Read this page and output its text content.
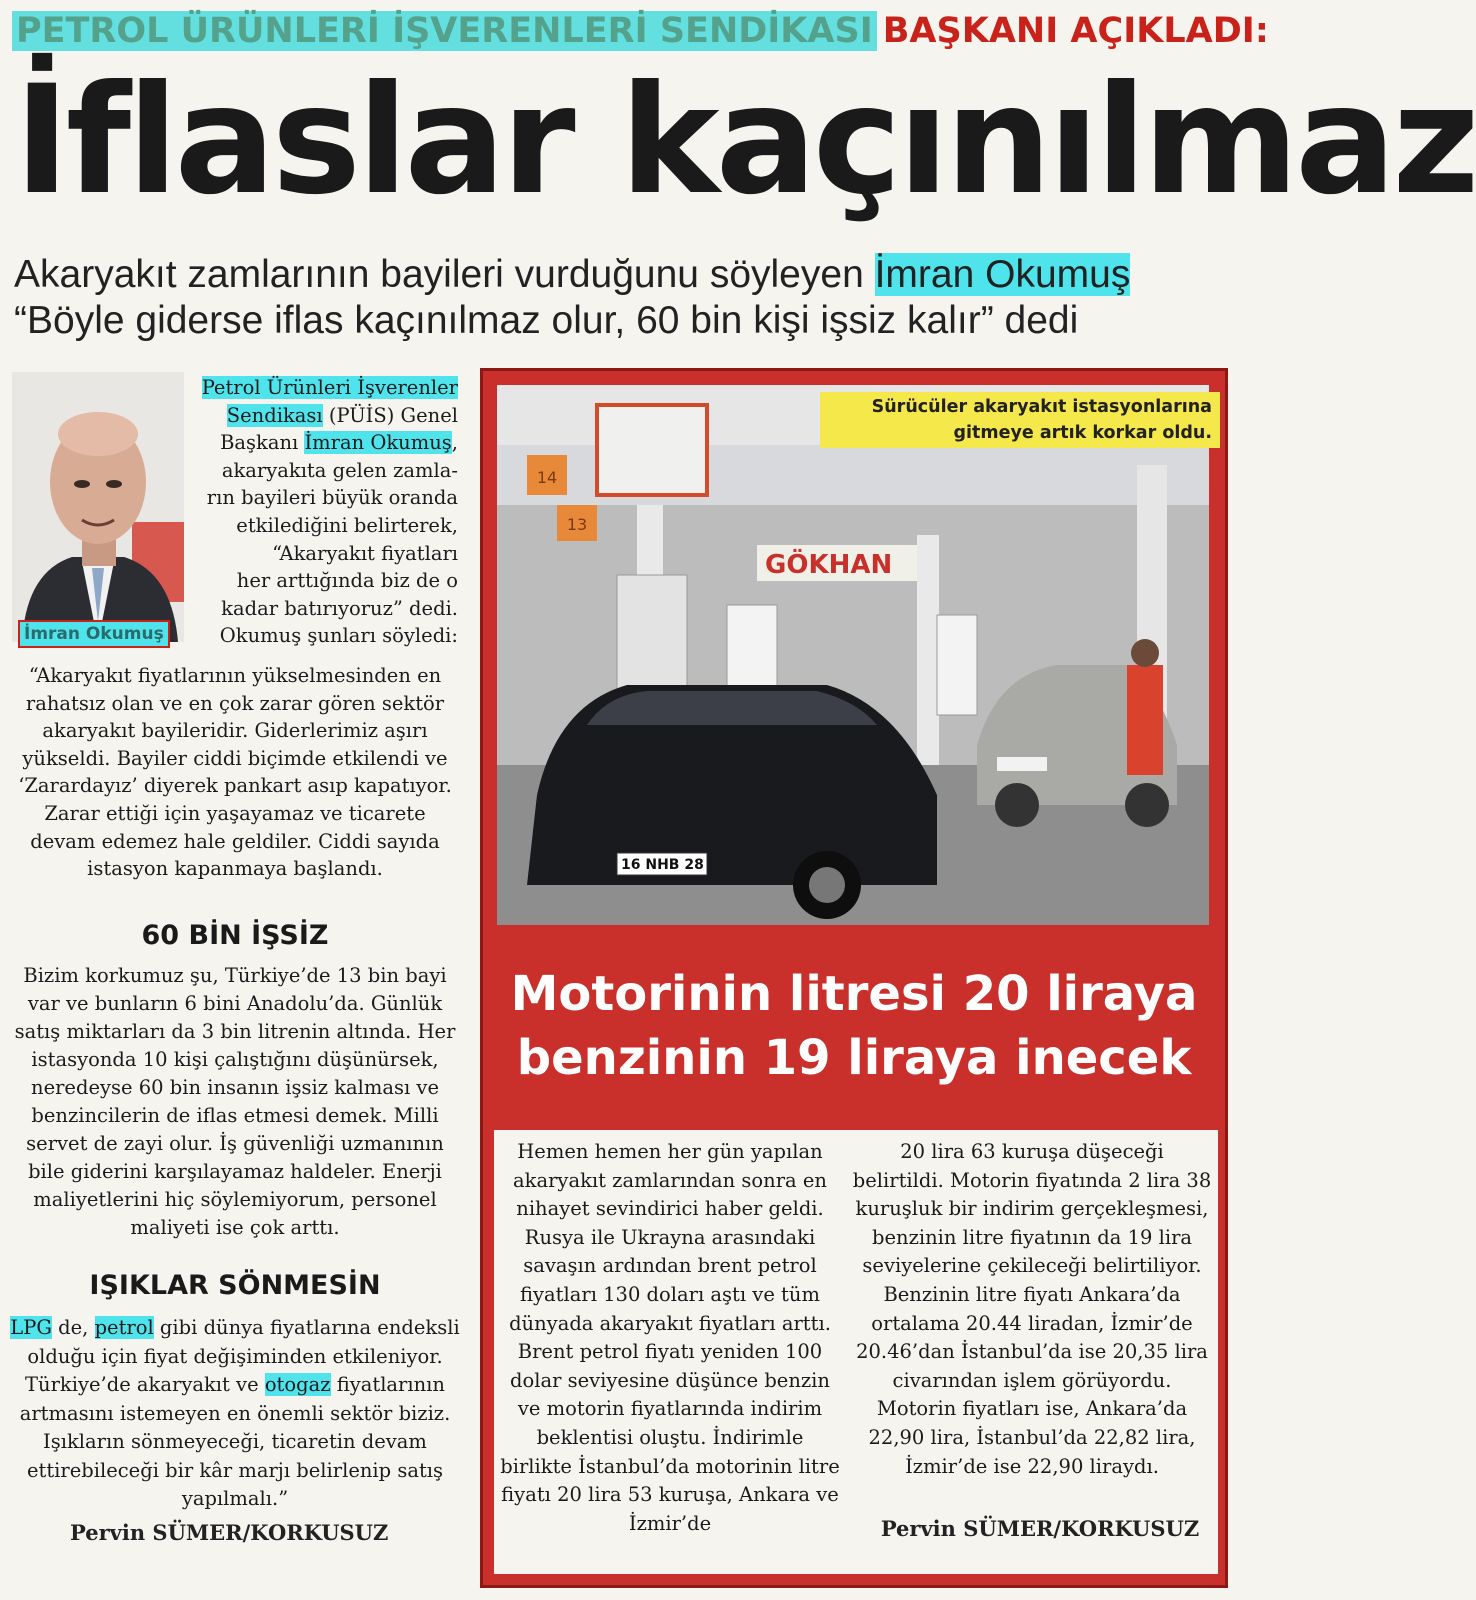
PETROL ÜRÜNLERİ İŞVERENLERİ SENDİKASI BAŞKANI AÇIKLADI:
İflaslar kaçınılmaz
Akaryakıt zamlarının bayileri vurduğunu söyleyen İmran Okumuş
“Böyle giderse iflas kaçınılmaz olur, 60 bin kişi işsiz kalır” dedi
İmran Okumuş
Petrol Ürünleri İşverenler
Sendikası (PÜİS) Genel
Başkanı İmran Okumuş,
akaryakıta gelen zamla-
rın bayileri büyük oranda
etkilediğini belirterek,
“Akaryakıt fiyatları
her arttığında biz de o
kadar batırıyoruz” dedi.
Okumuş şunları söyledi:
“Akaryakıt fiyatlarının yükselmesinden en rahatsız olan ve en çok zarar gören sektör akaryakıt bayileridir. Giderlerimiz aşırı yükseldi. Bayiler ciddi biçimde etkilendi ve ‘Zarardayız’ diyerek pankart asıp kapatıyor. Zarar ettiği için yaşayamaz ve ticarete devam edemez hale geldiler. Ciddi sayıda istasyon kapanmaya başlandı.
60 BİN İŞSİZ
Bizim korkumuz şu, Türkiye’de 13 bin bayi var ve bunların 6 bini Anadolu’da. Günlük satış miktarları da 3 bin litrenin altında. Her istasyonda 10 kişi çalıştığını düşünürsek, neredeyse 60 bin insanın işsiz kalması ve benzincilerin de iflas etmesi demek. Milli servet de zayi olur. İş güvenliği uzmanının bile giderini karşılayamaz haldeler. Enerji maliyetlerini hiç söylemiyorum, personel maliyeti ise çok arttı.
IŞIKLAR SÖNMESİN
LPG de, petrol gibi dünya fiyatlarına endeksli olduğu için fiyat değişiminden etkileniyor. Türkiye’de akaryakıt ve otogaz fiyatlarının artmasını istemeyen en önemli sektör biziz. Işıkların sönmeyeceği, ticaretin devam ettirebileceği bir kâr marjı belirlenip satış yapılmalı.”
Pervin SÜMER/KORKUSUZ
14
13
GÖKHAN
16 NHB 28
Sürücüler akaryakıt istasyonlarına gitmeye artık korkar oldu.
Motorinin litresi 20 liraya
benzinin 19 liraya inecek
Hemen hemen her gün yapılan akaryakıt zamlarından sonra en nihayet sevindirici haber geldi. Rusya ile Ukrayna arasındaki savaşın ardından brent petrol fiyatları 130 doları aştı ve tüm dünyada akaryakıt fiyatları arttı. Brent petrol fiyatı yeniden 100 dolar seviyesine düşünce benzin ve motorin fiyatlarında indirim beklentisi oluştu. İndirimle birlikte İstanbul’da motorinin litre fiyatı 20 lira 53 kuruşa, Ankara ve İzmir’de
20 lira 63 kuruşa düşeceği belirtildi. Motorin fiyatında 2 lira 38 kuruşluk bir indirim gerçekleşmesi, benzinin litre fiyatının da 19 lira seviyelerine çekileceği belirtiliyor. Benzinin litre fiyatı Ankara’da ortalama 20.44 liradan, İzmir’de 20.46’dan İstanbul’da ise 20,35 lira civarından işlem görüyordu. Motorin fiyatları ise, Ankara’da 22,90 lira, İstanbul’da 22,82 lira, İzmir’de ise 22,90 liraydı.
Pervin SÜMER/KORKUSUZ
